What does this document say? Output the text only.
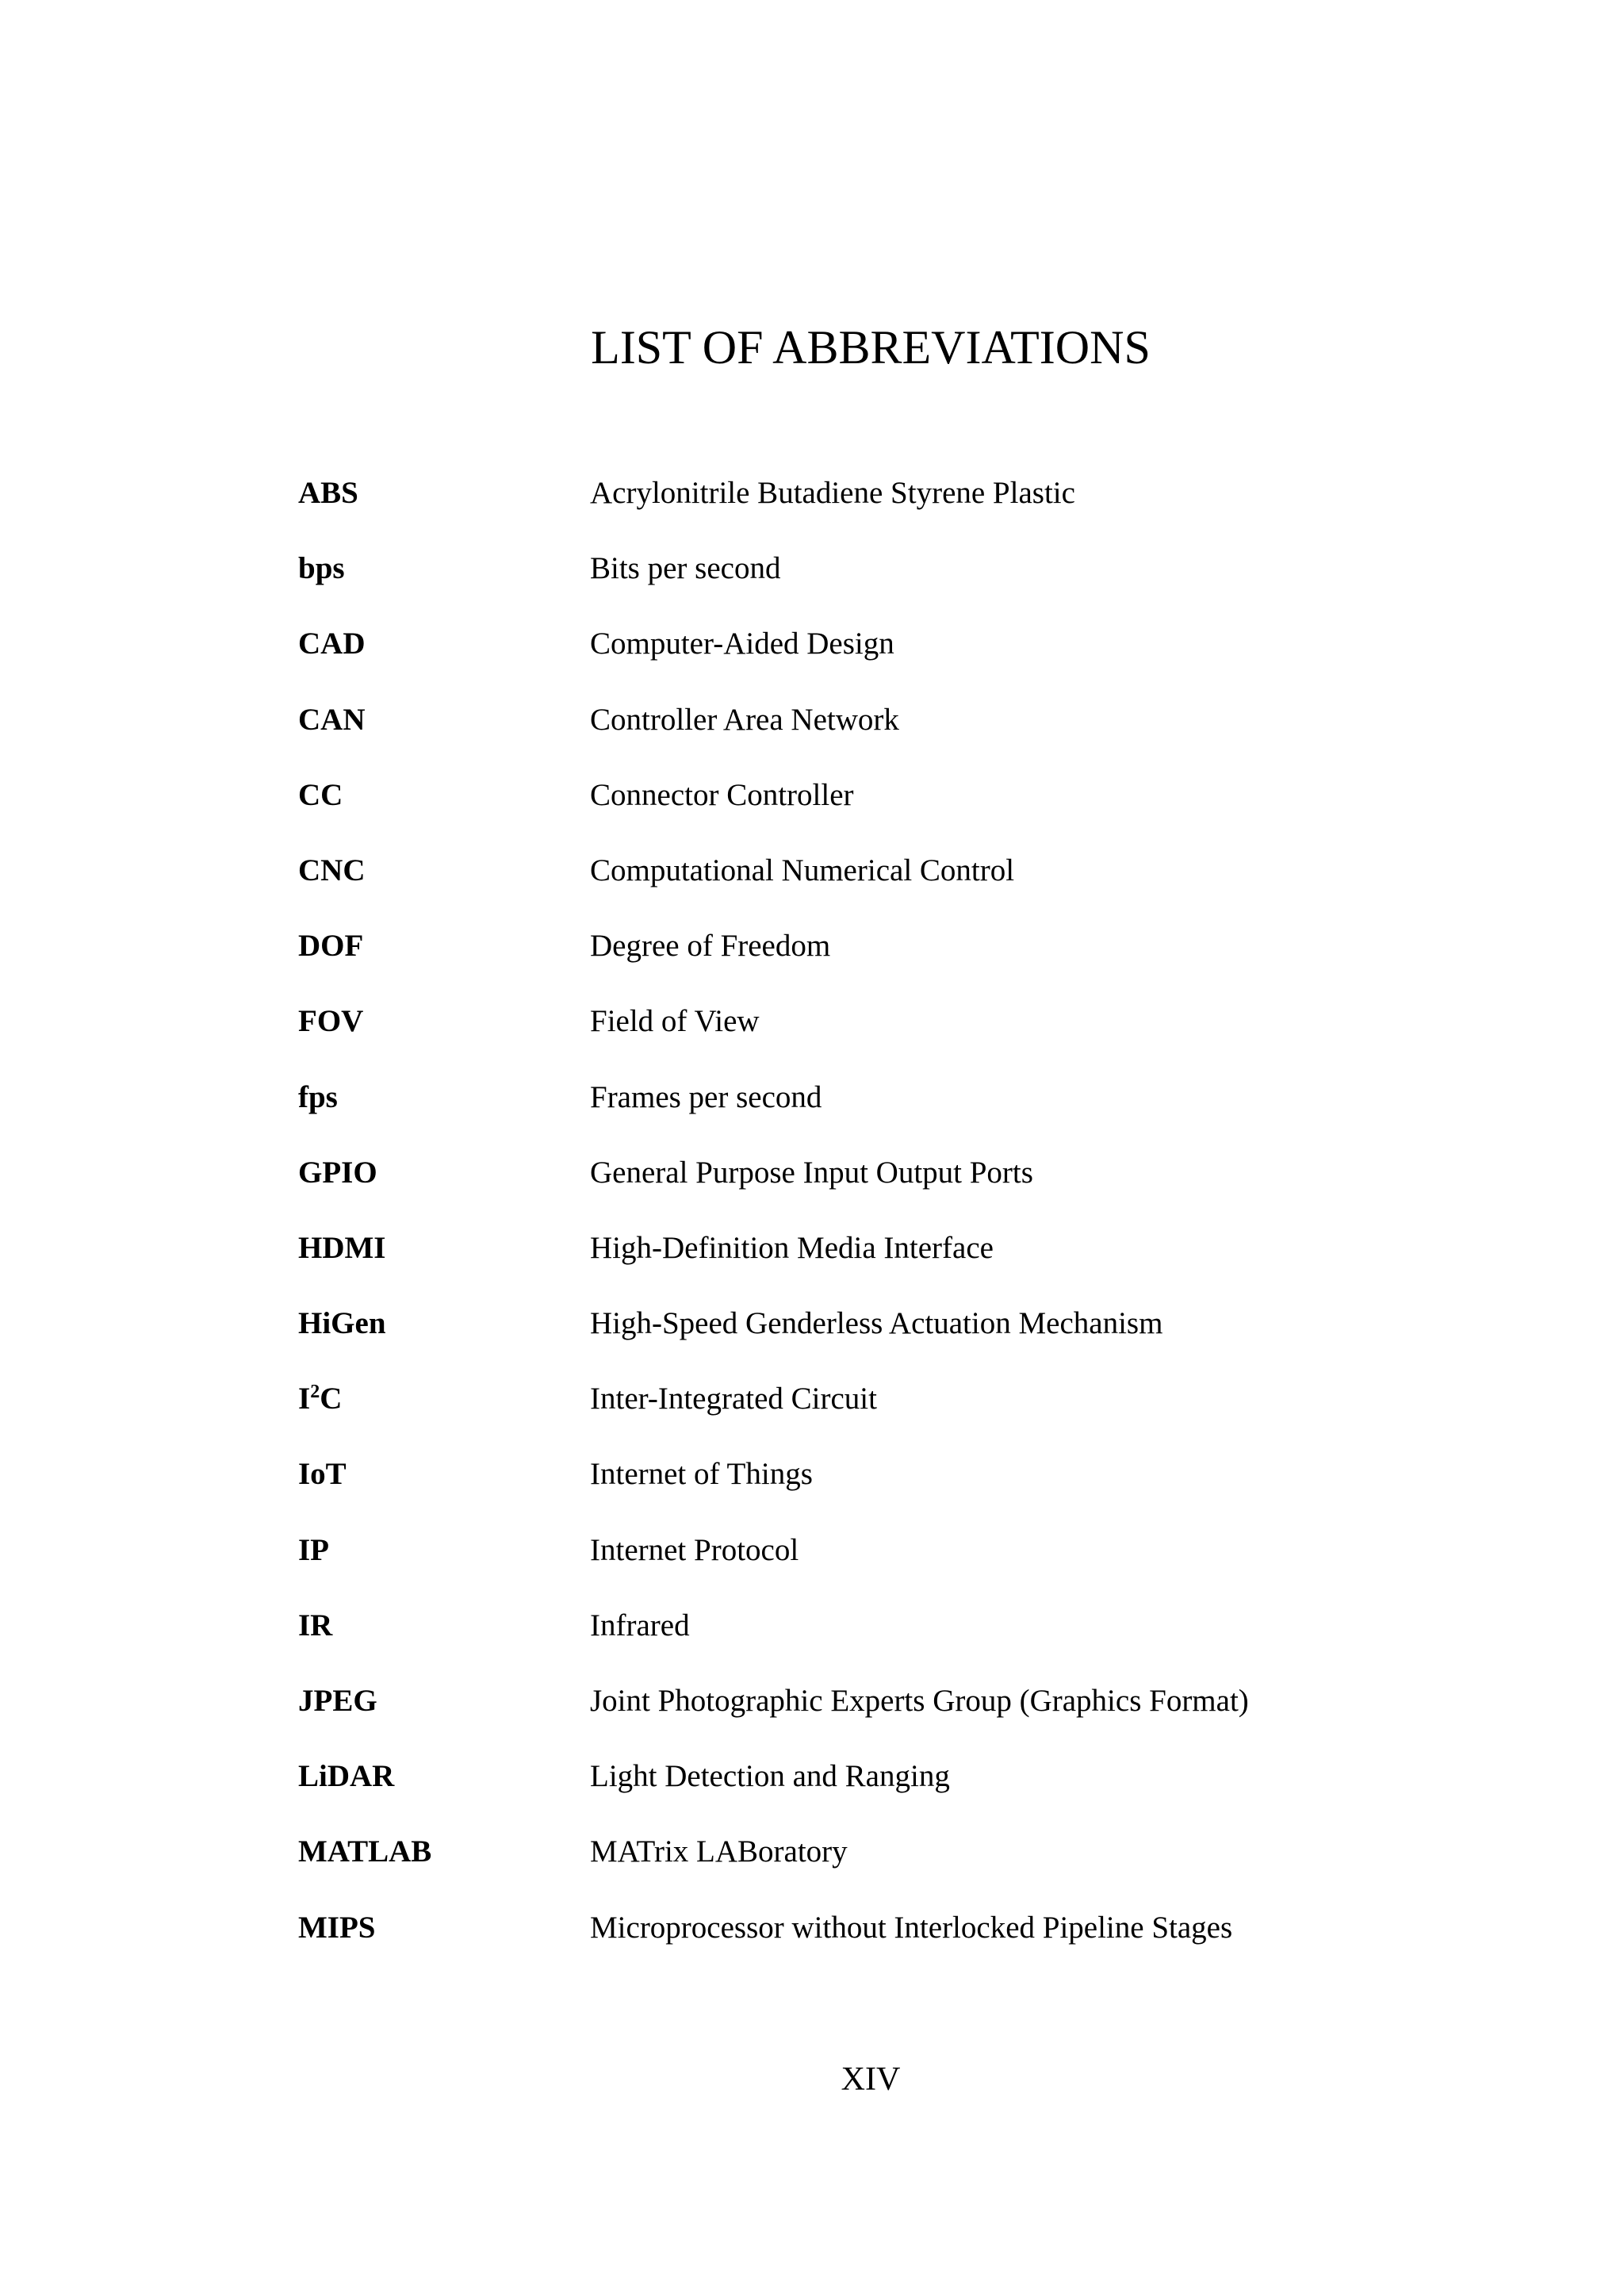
LIST OF ABBREVIATIONS
ABS	Acrylonitrile Butadiene Styrene Plastic
bps	Bits per second
CAD	Computer-Aided Design
CAN	Controller Area Network
CC	Connector Controller
CNC	Computational Numerical Control
DOF	Degree of Freedom
FOV	Field of View
fps	Frames per second
GPIO	General Purpose Input Output Ports
HDMI	High-Definition Media Interface
HiGen	High-Speed Genderless Actuation Mechanism
$I^2C$	Inter-Integrated Circuit
IoT	Internet of Things
IP	Internet Protocol
IR	Infrared
JPEG	Joint Photographic Experts Group (Graphics Format)
LiDAR	Light Detection and Ranging
MATLAB	MATrix LABoratory
MIPS	Microprocessor without Interlocked Pipeline Stages
XIV
